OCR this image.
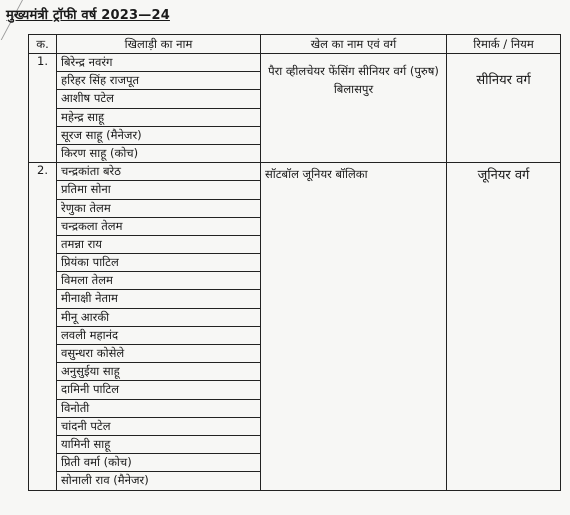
मुख्यमंत्री ट्रॉफी वर्ष 2023—24
क.	खिलाड़ी का नाम	खेल का नाम एवं वर्ग	रिमार्क / नियम
1.	बिरेन्द्र नवरंग	पैरा व्हीलचेयर फेंसिंग सीनियर वर्ग (पुरुष) बिलासपुर	सीनियर वर्ग
	हरिहर सिंह राजपूत		
	आशीष पटेल		
	महेन्द्र साहू		
	सूरज साहू (मैनेजर)		
	किरण साहू (कोच)		
2.	चन्द्रकांता बरेठ	सॉटबॉल जूनियर बॉलिका	जूनियर वर्ग
	प्रतिमा सोना		
	रेणुका तेलम		
	चन्द्रकला तेलम		
	तमन्ना राय		
	प्रियंका पाटिल		
	विमला तेलम		
	मीनाक्षी नेताम		
	मीनू आरकी		
	लवली महानंद		
	वसुन्धरा कोसेले		
	अनुसुईया साहू		
	दामिनी पाटिल		
	विनोती		
	चांदनी पटेल		
	यामिनी साहू		
	प्रिती वर्मा (कोच)		
	सोनाली राव (मैनेजर)		
